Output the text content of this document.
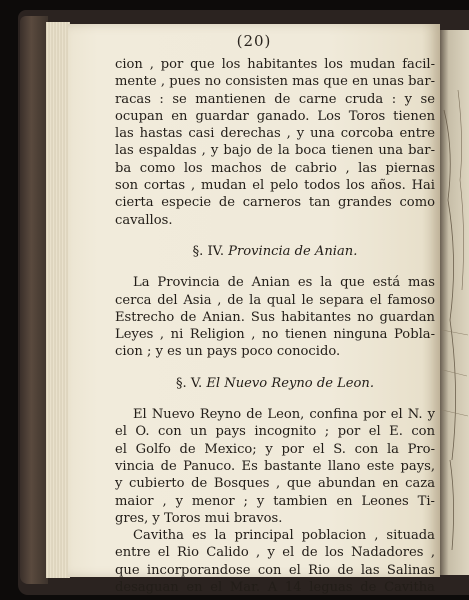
(20)

cion , por que los habitantes los mudan facil-
mente , pues no consisten mas que en unas bar-
racas : se mantienen de carne cruda : y se
ocupan en guardar ganado. Los Toros tienen
las hastas casi derechas , y una corcoba entre
las espaldas , y bajo de la boca tienen una bar-
ba como los machos de cabrio , las piernas
son cortas , mudan el pelo todos los años. Hai
cierta especie de carneros tan grandes como
cavallos.

§. IV. Provincia de Anian.

La Provincia de Anian es la que está mas
cerca del Asia , de la qual le separa el famoso
Estrecho de Anian. Sus habitantes no guardan
Leyes , ni Religion , no tienen ninguna Pobla-
cion ; y es un pays poco conocido.

§. V. El Nuevo Reyno de Leon.

El Nuevo Reyno de Leon, confina por el N. y
el O. con un pays incognito ; por el E. con
el Golfo de Mexico; y por el S. con la Pro-
vincia de Panuco. Es bastante llano este pays,
y cubierto de Bosques , que abundan en caza
maior , y menor ; y tambien en Leones Ti-
gres, y Toros mui bravos.

Cavitha es la principal poblacion , situada
entre el Rio Calido , y el de los Nadadores ,
que incorporandose con el Rio de las Salinas
desaguan en el Mar. A 14 leguas de Cavitha
